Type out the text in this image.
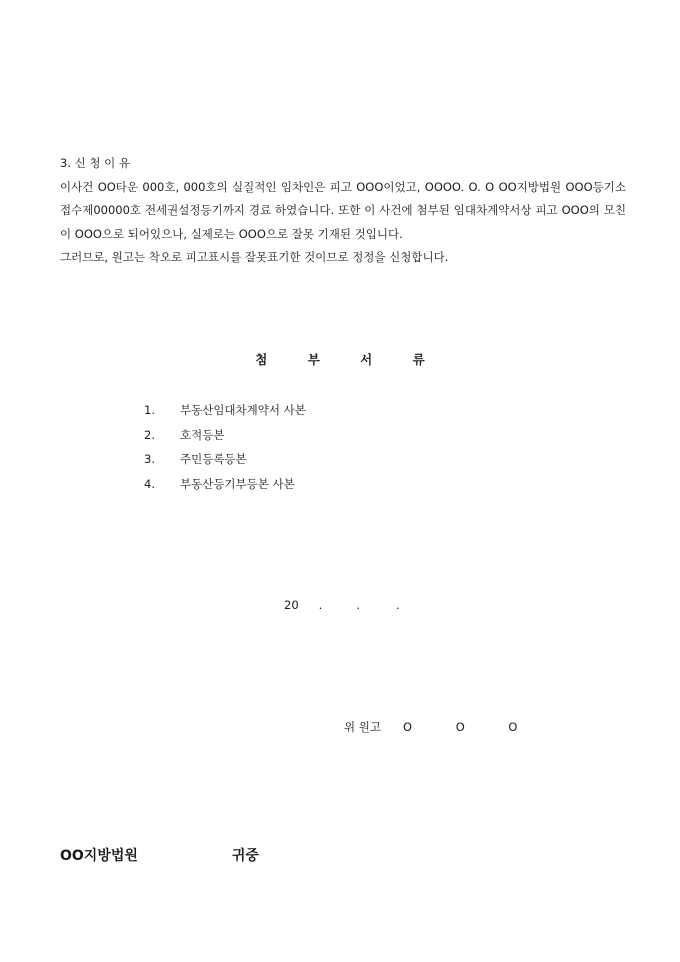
3. 신 청 이 유

이사건 OO타운 000호, 000호의 실질적인 임차인은 피고 OOO이었고, OOOO. O. O OO지방법원 OOO등기소 접수제00000호 전세권설정등기까지 경료 하였습니다. 또한 이 사건에 첨부된 임대차계약서상 피고 OOO의 모친이 OOO으로 되어있으나, 실제로는 OOO으로 잘못 기재된 것입니다.

그러므로, 원고는 착오로 피고표시를 잘못표기한 것이므로 정정을 신청합니다.

첨	부	서	류
1. 부동산임대차계약서 사본
2. 호적등본
3. 주민등록등본
4. 부동산등기부등본 사본
20 .	.	.
위 원고 O O O
OO지방법원	귀중
